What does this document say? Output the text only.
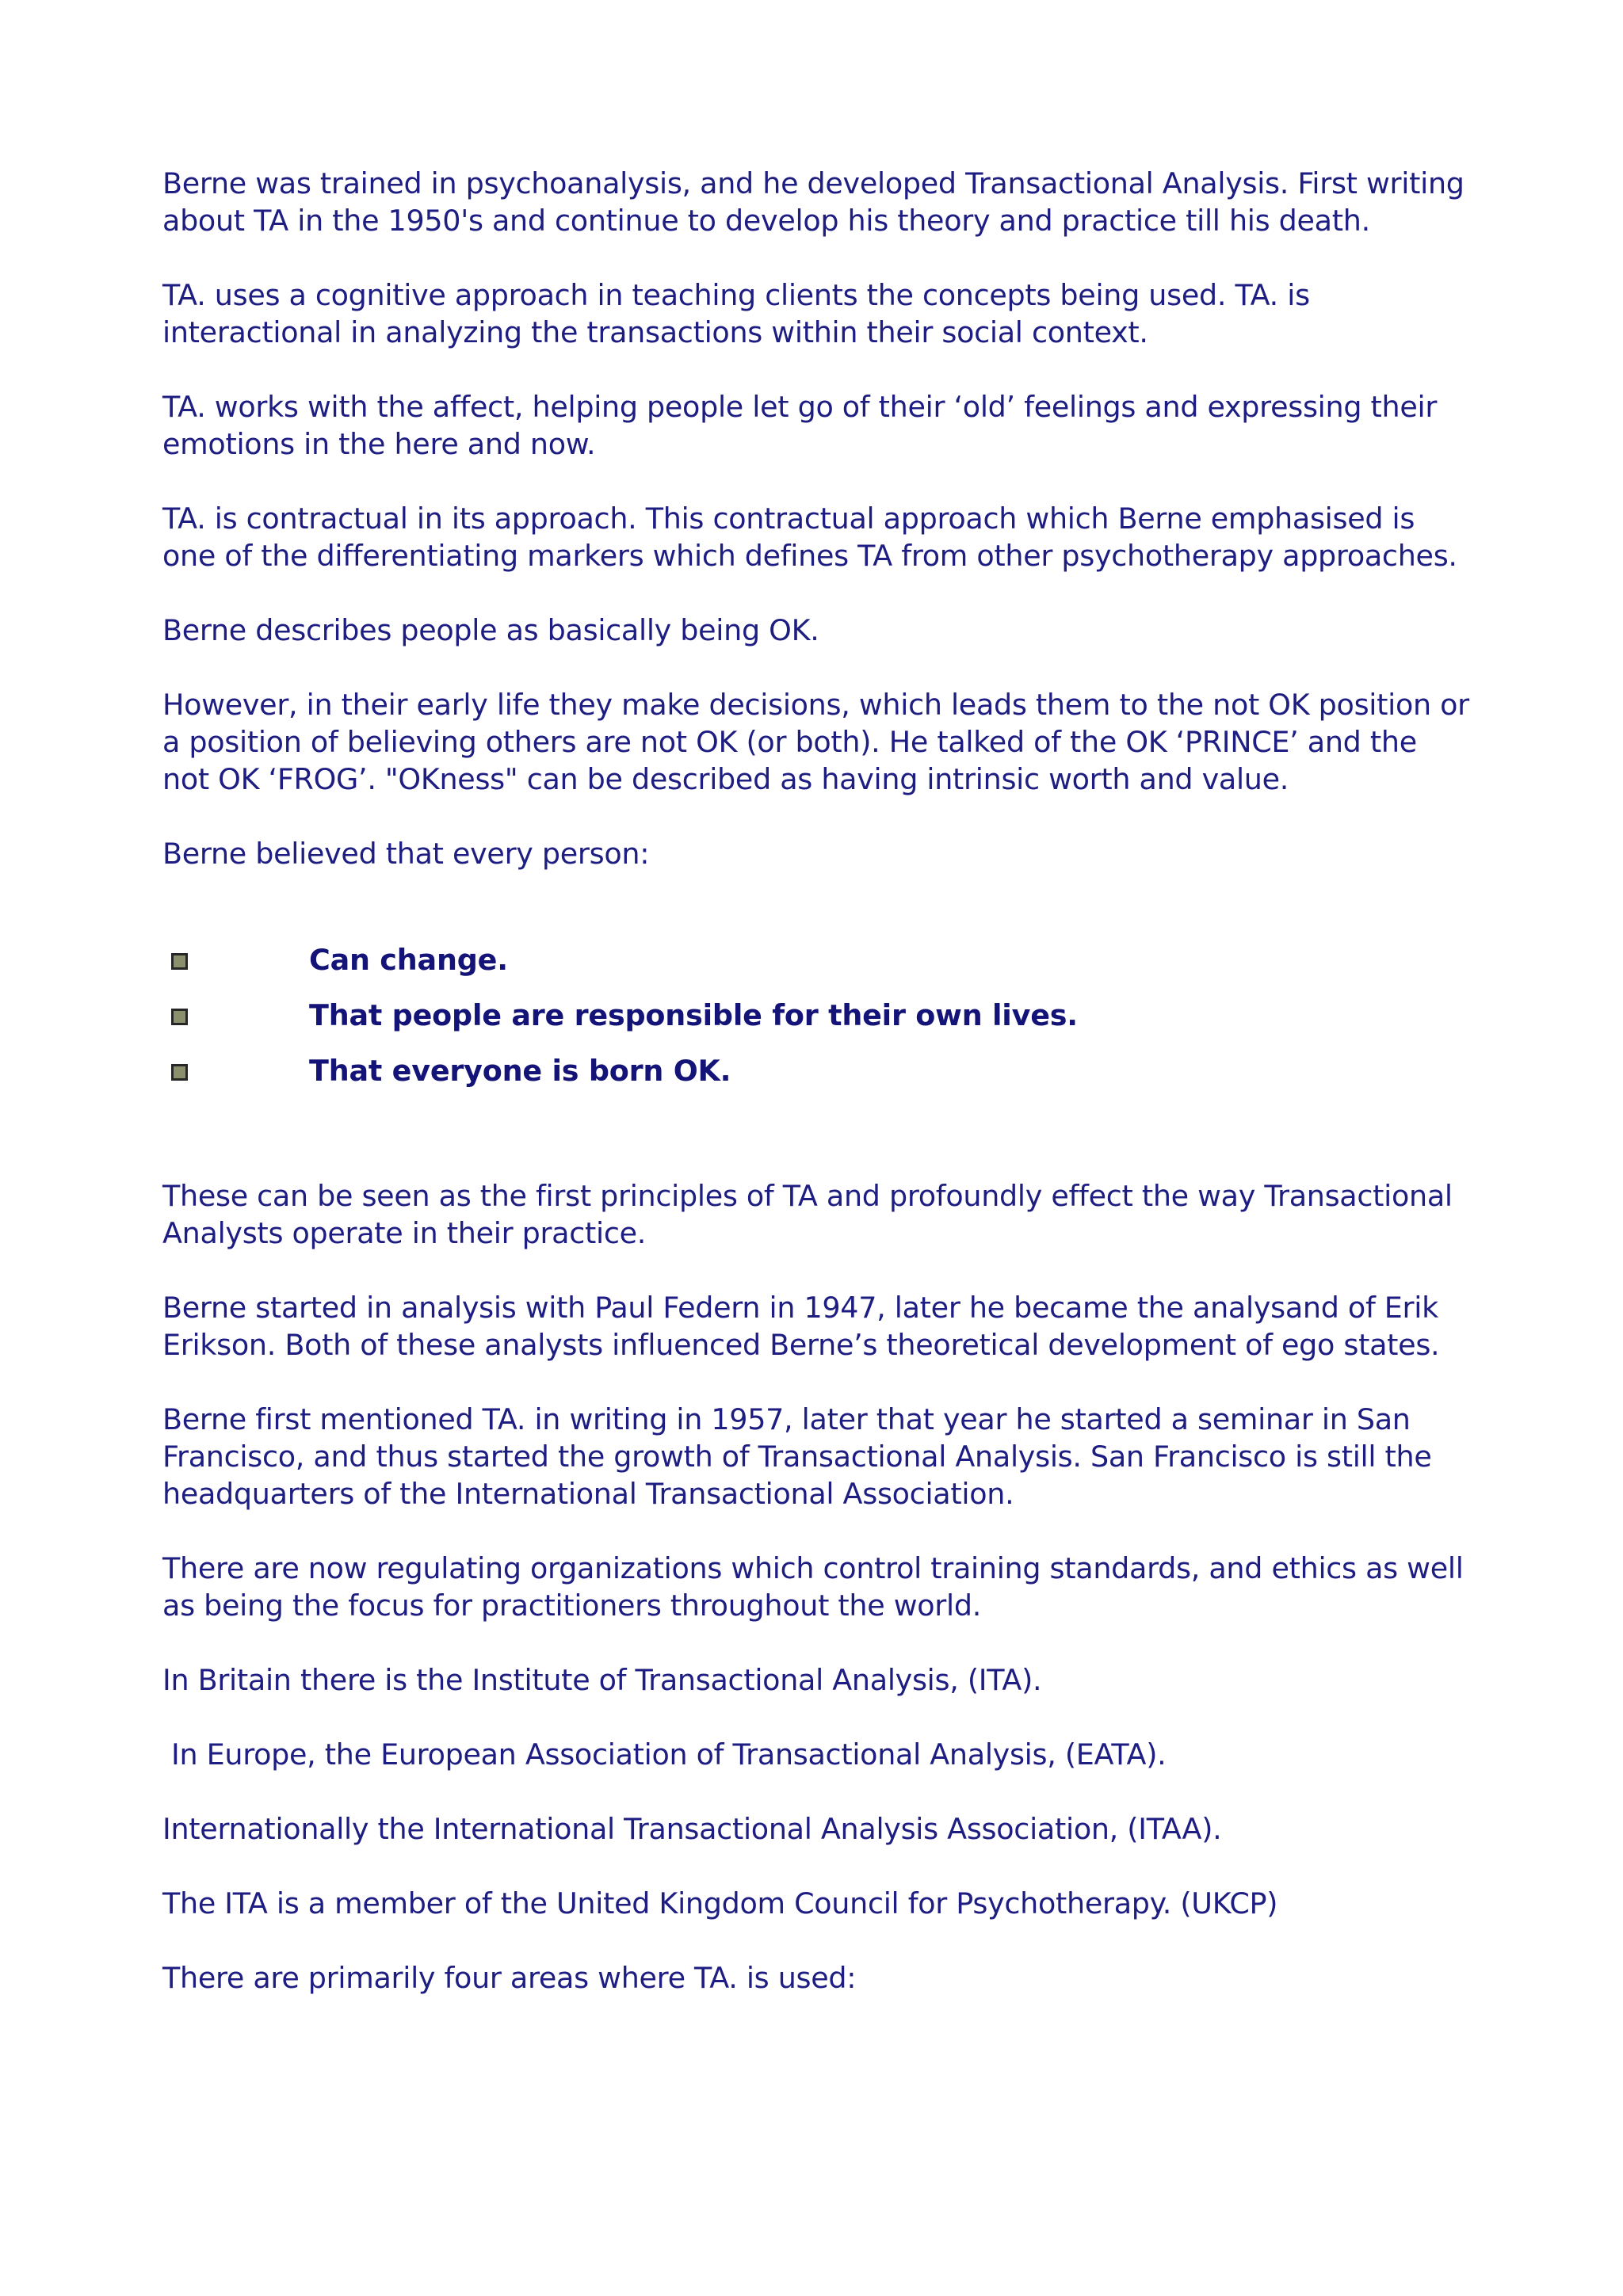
Berne was trained in psychoanalysis, and he developed Transactional Analysis. First writing about TA in the 1950's and continue to develop his theory and practice till his death.

TA. uses a cognitive approach in teaching clients the concepts being used. TA. is interactional in analyzing the transactions within their social context.

TA. works with the affect, helping people let go of their ‘old’ feelings and expressing their emotions in the here and now.

TA. is contractual in its approach. This contractual approach which Berne emphasised is one of the differentiating markers which defines TA from other psychotherapy approaches.

Berne describes people as basically being OK.

However, in their early life they make decisions, which leads them to the not OK position or a position of believing others are not OK (or both). He talked of the OK ‘PRINCE’ and the not OK ‘FROG’. "OKness" can be described as having intrinsic worth and value.

Berne believed that every person:

Can change.
That people are responsible for their own lives.
That everyone is born OK.

These can be seen as the first principles of TA and profoundly effect the way Transactional Analysts operate in their practice.

Berne started in analysis with Paul Federn in 1947, later he became the analysand of Erik Erikson. Both of these analysts influenced Berne’s theoretical development of ego states.

Berne first mentioned TA. in writing in 1957, later that year he started a seminar in San Francisco, and thus started the growth of Transactional Analysis. San Francisco is still the headquarters of the International Transactional Association.

There are now regulating organizations which control training standards, and ethics as well as being the focus for practitioners throughout the world.

In Britain there is the Institute of Transactional Analysis, (ITA).

In Europe, the European Association of Transactional Analysis, (EATA).

Internationally the International Transactional Analysis Association, (ITAA).

The ITA is a member of the United Kingdom Council for Psychotherapy. (UKCP)

There are primarily four areas where TA. is used:
